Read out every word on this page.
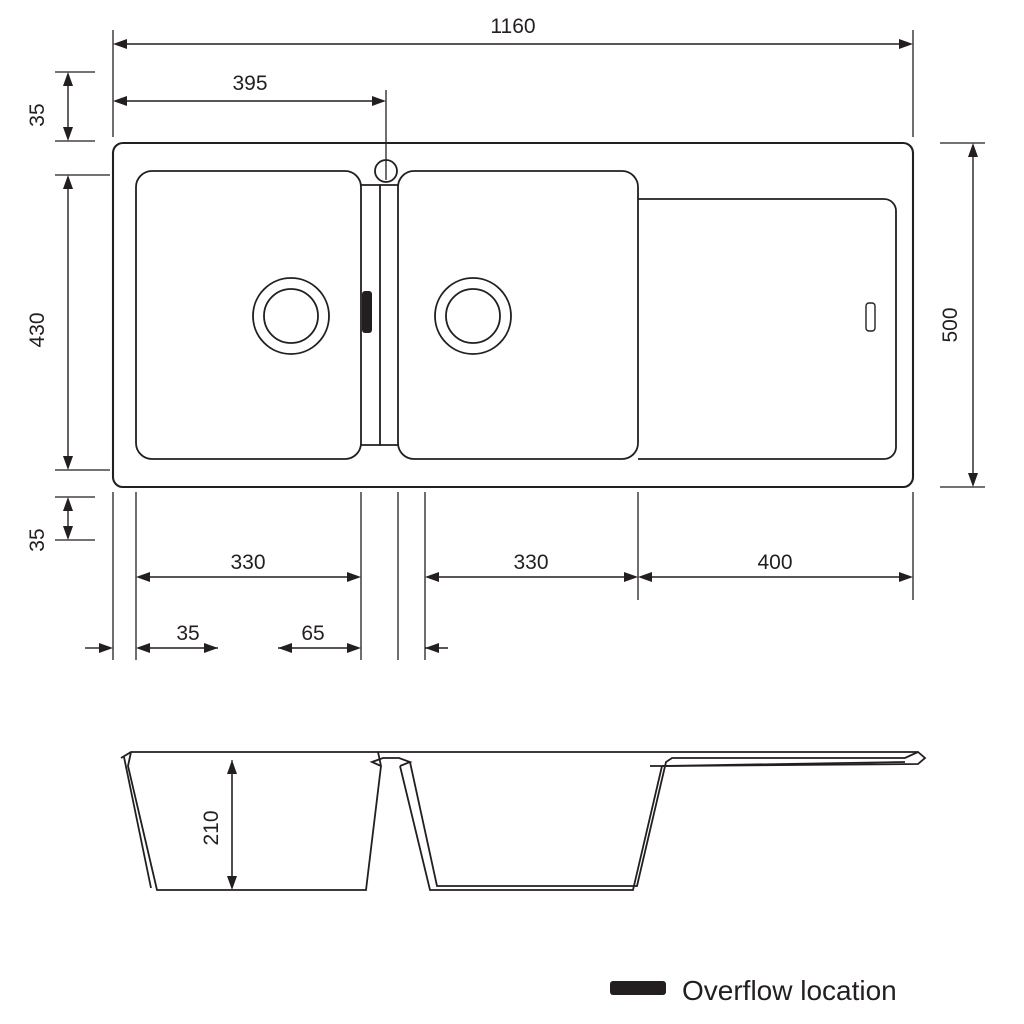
1160
395
35
430
35
500
330	330	400
35	65
210
Overflow location
